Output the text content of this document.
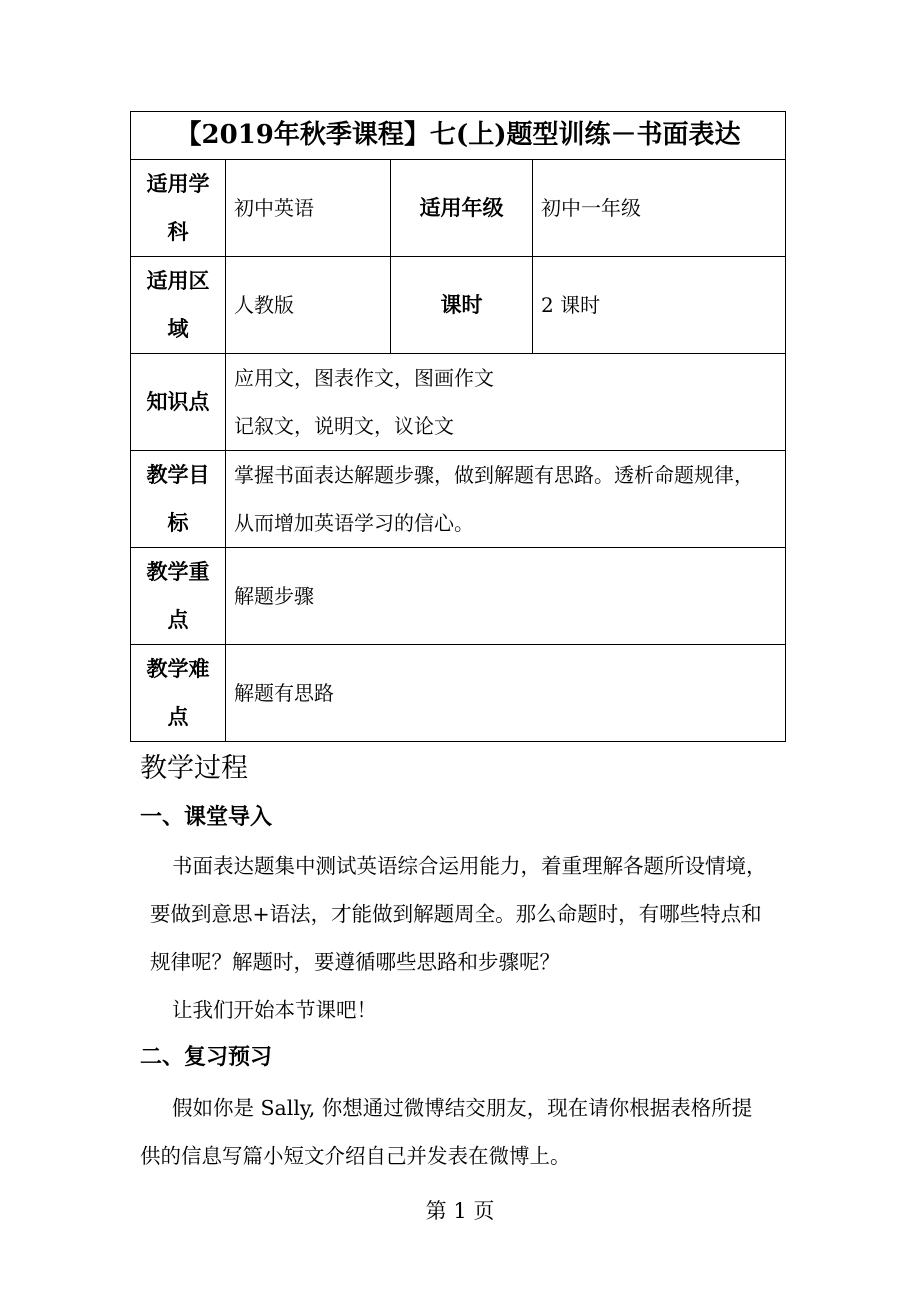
【2019年秋季课程】七(上)题型训练－书面表达			
适用学科	初中英语	适用年级	初中一年级
适用区域	人教版	课时	2 课时
知识点	应用文，图表作文，图画作文
记叙文，说明文，议论文		

教学目标	掌握书面表达解题步骤，做到解题有思路。透析命题规律，
从而增加英语学习的信心。		

教学重点	解题步骤		
教学难点	解题有思路		
教学过程
一、课堂导入

书面表达题集中测试英语综合运用能力，着重理解各题所设情境，

要做到意思+语法，才能做到解题周全。那么命题时，有哪些特点和

规律呢？解题时，要遵循哪些思路和步骤呢？

让我们开始本节课吧！

二、复习预习

假如你是 Sally, 你想通过微博结交朋友，现在请你根据表格所提

供的信息写篇小短文介绍自己并发表在微博上。

第 1 页
